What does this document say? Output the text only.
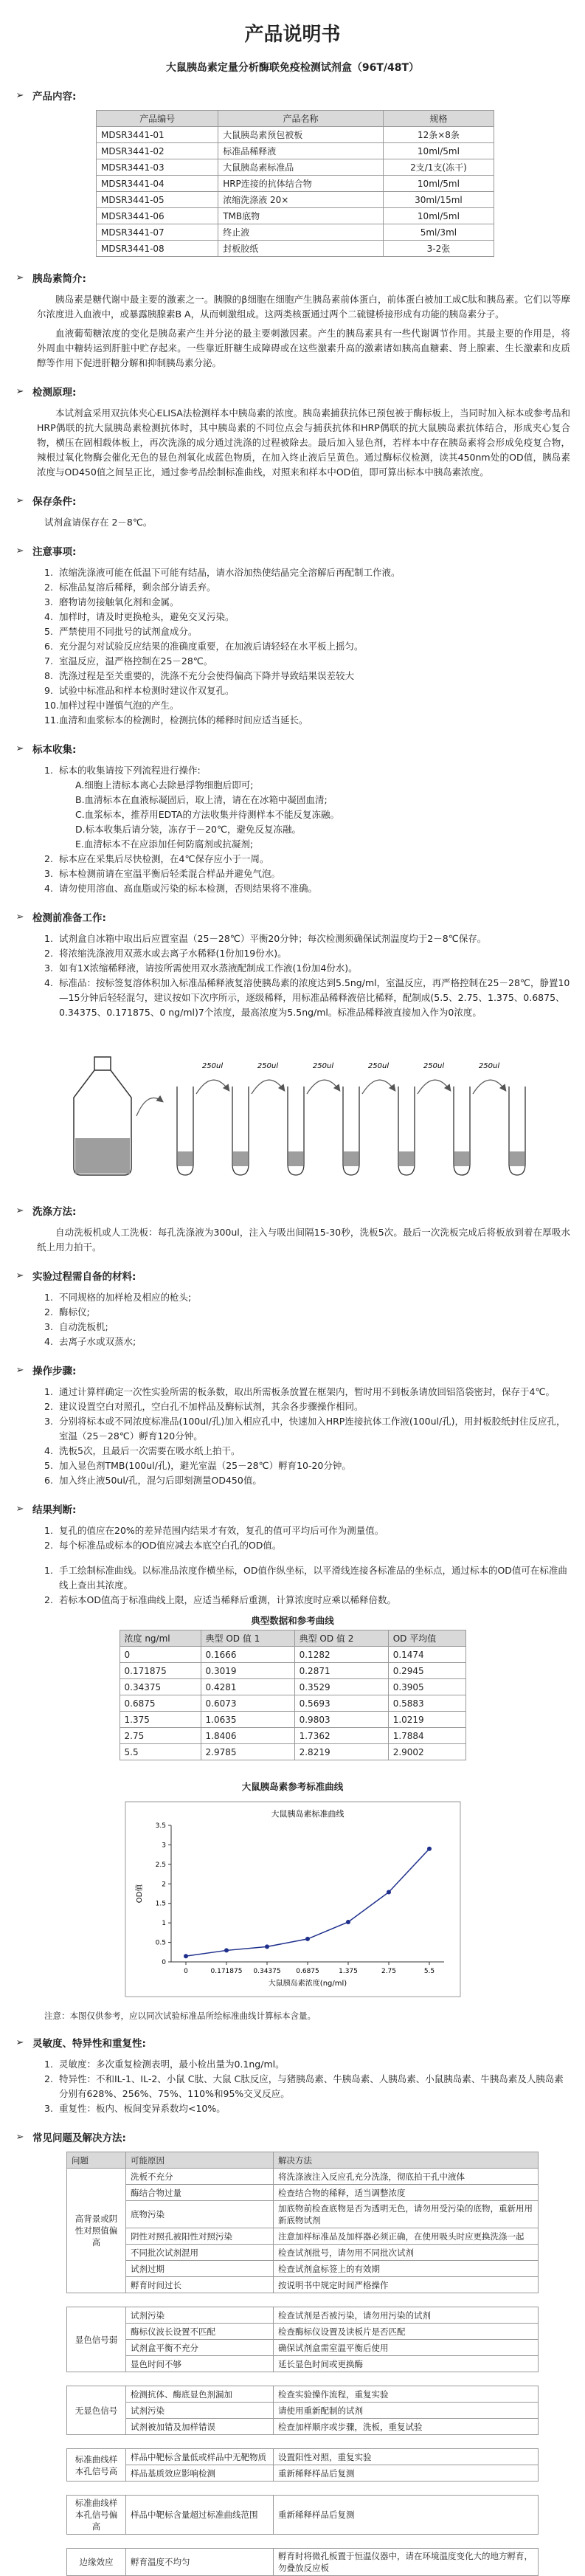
产品说明书
大鼠胰岛素定量分析酶联免疫检测试剂盒（96T/48T）
➢ 产品内容:
产品编号	产品名称	规格
MDSR3441-01	大鼠胰岛素预包被板	12条×8条
MDSR3441-02	标准品稀释液	10ml/5ml
MDSR3441-03	大鼠胰岛素标准品	2支/1支(冻干)
MDSR3441-04	HRP连接的抗体结合物	10ml/5ml
MDSR3441-05	浓缩洗涤液 20×	30ml/15ml
MDSR3441-06	TMB底物	10ml/5ml
MDSR3441-07	终止液	5ml/3ml
MDSR3441-08	封板胶纸	3-2张
➢ 胰岛素简介:

胰岛素是糖代谢中最主要的激素之一。胰腺的β细胞在细胞产生胰岛素前体蛋白，前体蛋白被加工成C肽和胰岛素。它们以等摩尔浓度进入血液中，或暴露胰腺素B A，从而刺激组成。这两类核蛋通过两个二硫键桥接形成有功能的胰岛素分子。

血液葡萄糖浓度的变化是胰岛素产生并分泌的最主要刺激因素。产生的胰岛素具有一些代谢调节作用。其最主要的作用是，将外周血中糖转运到肝脏中贮存起来。一些靠近肝糖生成障碍或在这些激素升高的激素诸如胰高血糖素、肾上腺素、生长激素和皮质醇等作用下促进肝糖分解和抑制胰岛素分泌。

➢ 检测原理:

本试剂盒采用双抗体夹心ELISA法检测样本中胰岛素的浓度。胰岛素捕获抗体已预包被于酶标板上，当同时加入标本或参考品和HRP偶联的抗大鼠胰岛素检测抗体时，其中胰岛素的不同位点会与捕获抗体和HRP偶联的抗大鼠胰岛素抗体结合，形成夹心复合物，横压在固相载体板上，再次洗涤的成分通过洗涤的过程被除去。最后加入显色剂，若样本中存在胰岛素将会形成免疫复合物，辣根过氧化物酶会催化无色的显色剂氧化成蓝色物质，在加入终止液后呈黄色。通过酶标仪检测，读其450nm处的OD值，胰岛素浓度与OD450值之间呈正比，通过参考品绘制标准曲线，对照来和样本中OD值，即可算出标本中胰岛素浓度。

➢ 保存条件:

试剂盒请保存在 2－8℃。

➢ 注意事项:
1. 浓缩洗涤液可能在低温下可能有结晶，请水浴加热使结晶完全溶解后再配制工作液。
2. 标准品复溶后稀释，剩余部分请丢弃。
3. 磨物请勿接触氧化剂和金属。
4. 加样时，请及时更换枪头，避免交叉污染。
5. 严禁使用不同批号的试剂盒成分。
6. 充分混匀对试验反应结果的准确度重要，在加液后请轻轻在水平板上摇匀。
7. 室温反应，温严格控制在25－28℃。
8. 洗涤过程是至关重要的，洗涤不充分会使得偏高下降并导致结果误差较大
9. 试验中标准品和样本检测时建议作双复孔。
10. 加样过程中谨慎气泡的产生。
11. 血清和血浆标本的检测时，检测抗体的稀释时间应适当延长。
➢ 标本收集:
1. 标本的收集请按下列流程进行操作:
A.细胞上清标本离心去除悬浮物细胞后即可;
B.血清标本在血液标凝固后，取上清，请在在冰箱中凝固血清;
C.血浆标本，推荐用EDTA的方法收集并待测样本不能反复冻融。
D.标本收集后请分装，冻存于－20℃，避免反复冻融。
E.血清标本不在应添加任何防腐剂或抗凝剂;
2. 标本应在采集后尽快检测，在4℃保存应小于一周。
3. 标本检测前请在室温平衡后轻柔混合样品并避免气泡。
4. 请勿使用溶血、高血脂或污染的标本检测，否则结果将不准确。
➢ 检测前准备工作:
1. 试剂盒自冰箱中取出后应置室温（25－28℃）平衡20分钟；每次检测须确保试剂温度均于2－8℃保存。
2. 将浓缩洗涤液用双蒸水或去离子水稀释(1份加19份水)。
3. 如有1X浓缩稀释液，请按所需使用双水蒸液配制成工作液(1份加4份水)。
4. 标准品：按标签复溶体积加入标准品稀释液复溶使胰岛素的浓度达到5.5ng/ml，室温反应，再严格控制在25－28℃，静置10—15分钟后轻轻混匀，建议按如下次序所示，逐级稀释，用标准品稀释液倍比稀释，配制成(5.5、2.75、1.375、0.6875、0.34375、0.171875、0 ng/ml)7个浓度，最高浓度为5.5ng/ml。标准品稀释液直接加入作为0浓度。
250ul	250ul	250ul	250ul	250ul	250ul
➢ 洗涤方法:

自动洗板机或人工洗板：每孔洗涤液为300ul，注入与吸出间隔15-30秒，洗板5次。最后一次洗板完成后将板放到着在厚吸水纸上用力拍干。

➢ 实验过程需自备的材料:
1. 不同规格的加样枪及相应的枪头;
2. 酶标仪;
3. 自动洗板机;
4. 去离子水或双蒸水;
➢ 操作步骤:
1. 通过计算样确定一次性实验所需的板条数，取出所需板条放置在框架内，暂时用不到板条请放回铝箔袋密封，保存于4℃。
2. 建议设置空白对照孔，空白孔不加样品及酶标试剂，其余各步骤操作相同。
3. 分别将标本或不同浓度标准品(100ul/孔)加入相应孔中，快速加入HRP连接抗体工作液(100ul/孔)，用封板胶纸封住反应孔，室温（25－28℃）孵育120分钟。
4. 洗板5次，且最后一次需要在吸水纸上拍干。
5. 加入显色剂TMB(100ul/孔)，避光室温（25－28℃）孵育10-20分钟。
6. 加入终止液50ul/孔，混匀后即刻测量OD450值。
➢ 结果判断:
1. 复孔的值应在20%的差异范围内结果才有效，复孔的值可平均后可作为测量值。
2. 每个标准品或标本的OD值应减去本底空白孔的OD值。
1. 手工绘制标准曲线。以标准品浓度作横坐标，OD值作纵坐标，以平滑线连接各标准品的坐标点，通过标本的OD值可在标准曲线上查出其浓度。
2. 若标本OD值高于标准曲线上限，应适当稀释后重测，计算浓度时应乘以稀释倍数。
典型数据和参考曲线
浓度 ng/ml	典型 OD 值 1	典型 OD 值 2	OD 平均值
0	0.1666	0.1282	0.1474
0.171875	0.3019	0.2871	0.2945
0.34375	0.4281	0.3529	0.3905
0.6875	0.6073	0.5693	0.5883
1.375	1.0635	0.9803	1.0219
2.75	1.8406	1.7362	1.7884
5.5	2.9785	2.8219	2.9002
大鼠胰岛素参考标准曲线
大鼠胰岛素标准曲线
0
0.5
1
1.5
2
2.5
3
3.5
0	0.171875 0.34375 0.6875	1.375	2.75	5.5
大鼠胰岛素浓度(ng/ml)
OD值
注意：本图仅供参考，应以同次试验标准品所绘标准曲线计算标本含量。
➢ 灵敏度、特异性和重复性:
1. 灵敏度：多次重复检测表明，最小检出量为0.1ng/ml。
2. 特异性：不和IL-1、IL-2、小鼠 C肽、大鼠 C肽反应，与猪胰岛素、牛胰岛素、人胰岛素、小鼠胰岛素、牛胰岛素及人胰岛素分别有628%、256%、75%、110%和95%交叉反应。
3. 重复性：板内、板间变异系数均<10%。
➢ 常见问题及解决方法:
问题	可能原因	解决方法
高背景或阴性对照值偏高	洗板不充分	将洗涤液注入反应孔充分洗涤，彻底拍干孔中液体
	酶结合物过量	检查结合物的稀释，适当调整浓度
	底物污染	加底物前检查底物是否为透明无色，请勿用受污染的底物，重新用用新底物试剂
	阴性对照孔被阳性对照污染	注意加样标准品及加样器必须正确，在使用吸头时应更换洗涤一起
	不同批次试剂混用	检查试剂批号，请勿用不同批次试剂
	试剂过期	检查试剂盒标签上的有效期
	孵育时间过长	按说明书中规定时间严格操作

显色信号弱	试剂污染	检查试剂是否被污染，请勿用污染的试剂
	酶标仪波长设置不匹配	检查酶标仪设置及读板片是否匹配
	试剂盒平衡不充分	确保试剂盒需室温平衡后使用
	显色时间不够	延长显色时间或更换酶

无显色信号	检测抗体、酶底显色剂漏加	检查实验操作流程，重复实验
	试剂污染	请使用重新配制的试剂
	试剂被加错及加样错误	检查加样顺序或步骤，洗板，重复试验

标准曲线样本孔信号高	样品中靶标含量低或样品中无靶物质	设置阳性对照，重复实验
	样品基质效应影响检测	重新稀释样品后复测

标准曲线样本孔信号偏高	样品中靶标含量超过标准曲线范围	重新稀释样品后复测

边缘效应	孵育温度不均匀	孵育时将微孔板置于恒温仪器中，请在环境温度变化大的地方孵育，勿叠放反应板
